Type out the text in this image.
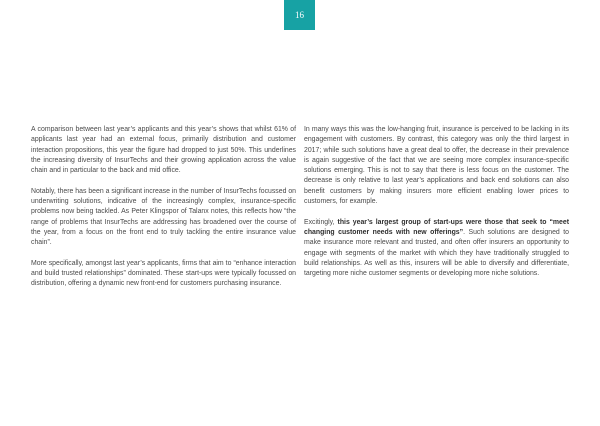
16

A comparison between last year’s applicants and this year’s shows that whilst 61% of applicants last year had an external focus, primarily distribution and customer interaction propositions, this year the figure had dropped to just 50%. This underlines the increasing diversity of InsurTechs and their growing application across the value chain and in particular to the back and mid office.

Notably, there has been a significant increase in the number of InsurTechs focussed on underwriting solutions, indicative of the increasingly complex, insurance-specific problems now being tackled. As Peter Klingspor of Talanx notes, this reflects how “the range of problems that InsurTechs are addressing has broadened over the course of the year, from a focus on the front end to truly tackling the entire insurance value chain”.

More specifically, amongst last year’s applicants, firms that aim to “enhance interaction and build trusted relationships” dominated. These start-ups were typically focussed on distribution, offering a dynamic new front-end for customers purchasing insurance.

In many ways this was the low-hanging fruit, insurance is perceived to be lacking in its engagement with customers. By contrast, this category was only the third largest in 2017; while such solutions have a great deal to offer, the decrease in their prevalence is again suggestive of the fact that we are seeing more complex insurance-specific solutions emerging. This is not to say that there is less focus on the customer. The decrease is only relative to last year’s applications and back end solutions can also benefit customers by making insurers more efficient enabling lower prices to customers, for example.

Excitingly, this year’s largest group of start-ups were those that seek to “meet changing customer needs with new offerings”. Such solutions are designed to make insurance more relevant and trusted, and often offer insurers an opportunity to engage with segments of the market with which they have traditionally struggled to build relationships. As well as this, insurers will be able to diversify and differentiate, targeting more niche customer segments or developing more niche solutions.
